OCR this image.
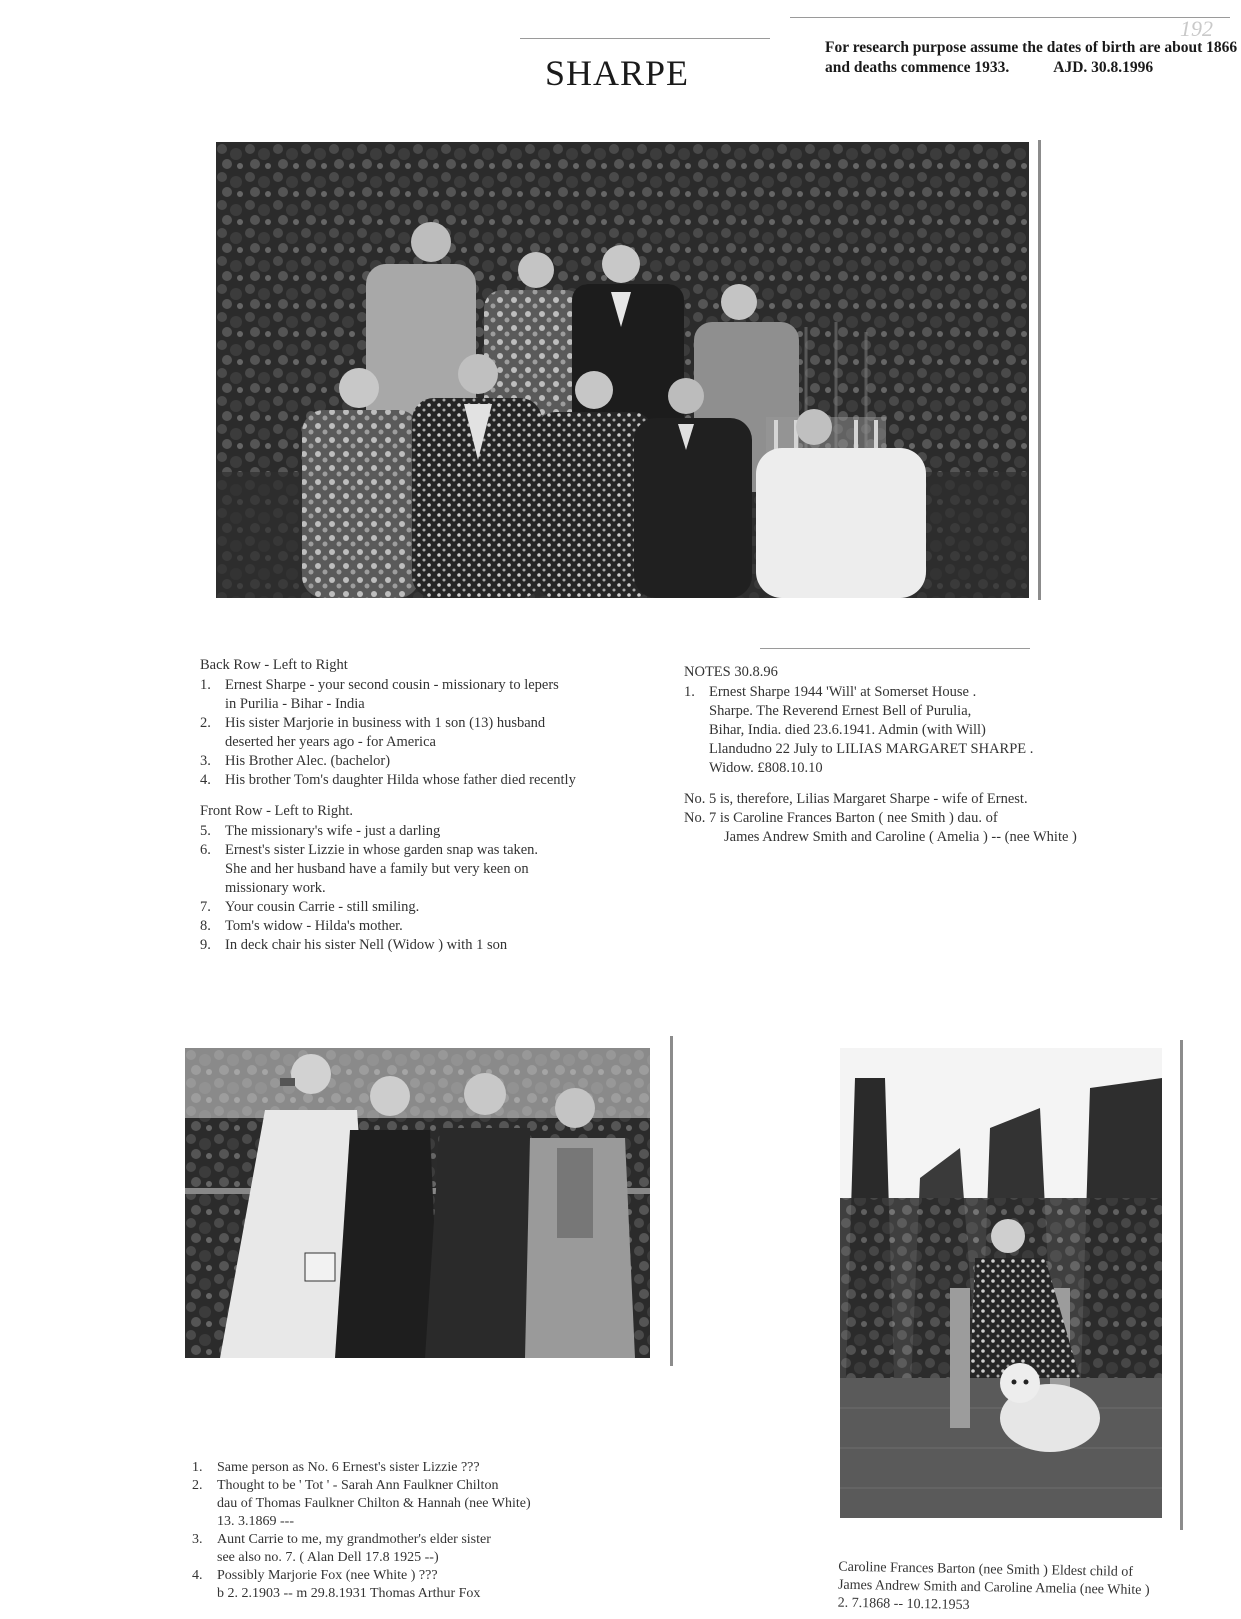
192
SHARPE
For research purpose assume the dates of birth are about 1866
and deaths commence 1933.	AJD. 30.8.1996
Back Row - Left to Right
1. Ernest Sharpe - your second cousin - missionary to lepers
in Purilia - Bihar - India
2. His sister Marjorie in business with 1 son (13) husband
deserted her years ago - for America
3. His Brother Alec. (bachelor)
4. His brother Tom's daughter Hilda whose father died recently
Front Row - Left to Right.
5. The missionary's wife - just a darling
6. Ernest's sister Lizzie in whose garden snap was taken.
She and her husband have a family but very keen on
missionary work.
7. Your cousin Carrie - still smiling.
8. Tom's widow - Hilda's mother.
9. In deck chair his sister Nell (Widow ) with 1 son
NOTES 30.8.96
1. Ernest Sharpe 1944 'Will' at Somerset House .
Sharpe. The Reverend Ernest Bell of Purulia,
Bihar, India. died 23.6.1941. Admin (with Will)
Llandudno 22 July to LILIAS MARGARET SHARPE .
Widow. £808.10.10
No. 5 is, therefore, Lilias Margaret Sharpe - wife of Ernest.
No. 7 is Caroline Frances Barton ( nee Smith ) dau. of
James Andrew Smith and Caroline ( Amelia ) -- (nee White )
1. Same person as No. 6 Ernest's sister Lizzie ???
2. Thought to be ' Tot ' - Sarah Ann Faulkner Chilton
dau of Thomas Faulkner Chilton & Hannah (nee White)
13. 3.1869 ---
3. Aunt Carrie to me, my grandmother's elder sister
see also no. 7. ( Alan Dell 17.8 1925 --)
4. Possibly Marjorie Fox (nee White ) ???
b 2. 2.1903 -- m 29.8.1931 Thomas Arthur Fox
Caroline Frances Barton (nee Smith ) Eldest child of
James Andrew Smith and Caroline Amelia (nee White )
2. 7.1868 -- 10.12.1953
